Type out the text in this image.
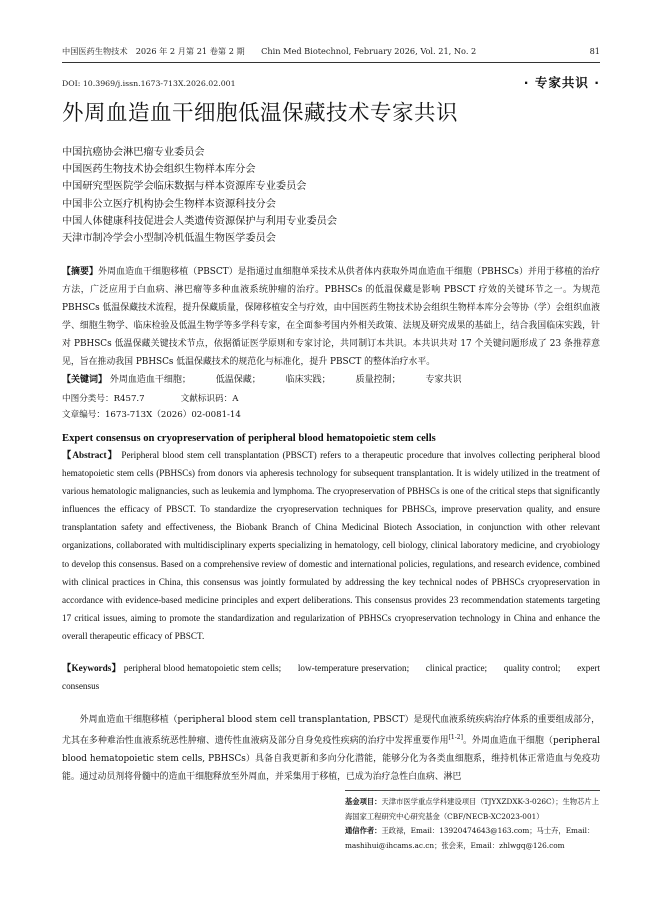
中国医药生物技术　2026 年 2 月第 21 卷第 2 期　　Chin Med Biotechnol, February 2026, Vol. 21, No. 2	81
DOI: 10.3969/j.issn.1673-713X.2026.02.001	· 专家共识 ·
外周血造血干细胞低温保藏技术专家共识
中国抗癌协会淋巴瘤专业委员会
中国医药生物技术协会组织生物样本库分会
中国研究型医院学会临床数据与样本资源库专业委员会
中国非公立医疗机构协会生物样本资源科技分会
中国人体健康科技促进会人类遗传资源保护与利用专业委员会
天津市制冷学会小型制冷机低温生物医学委员会
【摘要】外周血造血干细胞移植（PBSCT）是指通过血细胞单采技术从供者体内获取外周血造血干细胞（PBHSCs）并用于移植的治疗方法，广泛应用于白血病、淋巴瘤等多种血液系统肿瘤的治疗。PBHSCs 的低温保藏是影响 PBSCT 疗效的关键环节之一。为规范 PBHSCs 低温保藏技术流程，提升保藏质量，保障移植安全与疗效，由中国医药生物技术协会组织生物样本库分会等协（学）会组织血液学、细胞生物学、临床检验及低温生物学等多学科专家，在全面参考国内外相关政策、法规及研究成果的基础上，结合我国临床实践，针对 PBHSCs 低温保藏关键技术节点，依据循证医学原则和专家讨论，共同制订本共识。本共识共对 17 个关键问题形成了 23 条推荐意见，旨在推动我国 PBHSCs 低温保藏技术的规范化与标准化，提升 PBSCT 的整体治疗水平。
【关键词】 外周血造血干细胞；	低温保藏；	临床实践；	质量控制；	专家共识
中图分类号：R457.7	文献标识码：A
文章编号：1673-713X（2026）02-0081-14
Expert consensus on cryopreservation of peripheral blood hematopoietic stem cells
【Abstract】 Peripheral blood stem cell transplantation (PBSCT) refers to a therapeutic procedure that involves collecting peripheral blood hematopoietic stem cells (PBHSCs) from donors via apheresis technology for subsequent transplantation. It is widely utilized in the treatment of various hematologic malignancies, such as leukemia and lymphoma. The cryopreservation of PBHSCs is one of the critical steps that significantly influences the efficacy of PBSCT. To standardize the cryopreservation techniques for PBHSCs, improve preservation quality, and ensure transplantation safety and effectiveness, the Biobank Branch of China Medicinal Biotech Association, in conjunction with other relevant organizations, collaborated with multidisciplinary experts specializing in hematology, cell biology, clinical laboratory medicine, and cryobiology to develop this consensus. Based on a comprehensive review of domestic and international policies, regulations, and research evidence, combined with clinical practices in China, this consensus was jointly formulated by addressing the key technical nodes of PBHSCs cryopreservation in accordance with evidence-based medicine principles and expert deliberations. This consensus provides 23 recommendation statements targeting 17 critical issues, aiming to promote the standardization and regularization of PBHSCs cryopreservation technology in China and enhance the overall therapeutic efficacy of PBSCT.
【Keywords】 peripheral blood hematopoietic stem cells; low-temperature preservation; clinical practice; quality control; expert consensus
外周血造血干细胞移植（peripheral blood stem cell transplantation, PBSCT）是现代血液系统疾病治疗体系的重要组成部分，尤其在多种难治性血液系统恶性肿瘤、遗传性血液病及部分自身免疫性疾病的治疗中发挥重要作用[1-2]。外周血造血干细胞（peripheral blood hematopoietic stem cells, PBHSCs）具备自我更新和多向分化潜能，能够分化为各类血细胞系，维持机体正常造血与免疫功能。通过动员剂将骨髓中的造血干细胞释放至外周血，并采集用于移植，已成为治疗急性白血病、淋巴
基金项目：天津市医学重点学科建设项目（TJYXZDXK-3-026C）；生物芯片上海国家工程研究中心研究基金（CBF/NECB-XC2023-001）
通信作者：王政禄，Email：13920474643@163.com；马士卉，Email：mashihui@ihcams.ac.cn；张会来，Email：zhlwgq@126.com
